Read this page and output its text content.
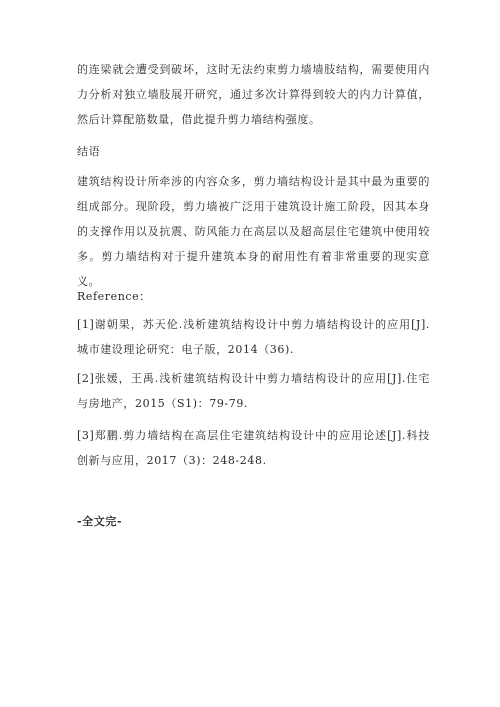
的连梁就会遭受到破坏，这时无法约束剪力墙墙肢结构，需要使用内力分析对独立墙肢展开研究，通过多次计算得到较大的内力计算值，然后计算配筋数量，借此提升剪力墙结构强度。
结语
建筑结构设计所牵涉的内容众多，剪力墙结构设计是其中最为重要的组成部分。现阶段，剪力墙被广泛用于建筑设计施工阶段，因其本身的支撑作用以及抗震、防风能力在高层以及超高层住宅建筑中使用较多。剪力墙结构对于提升建筑本身的耐用性有着非常重要的现实意义。
Reference：
[1]谢朝果，苏天伦.浅析建筑结构设计中剪力墙结构设计的应用[J].城市建设理论研究：电子版，2014（36).
[2]张媛，王禹.浅析建筑结构设计中剪力墙结构设计的应用[J].住宅与房地产，2015（S1)：79-79.
[3]郑鹏.剪力墙结构在高层住宅建筑结构设计中的应用论述[J].科技创新与应用，2017（3)：248-248.
-全文完-
